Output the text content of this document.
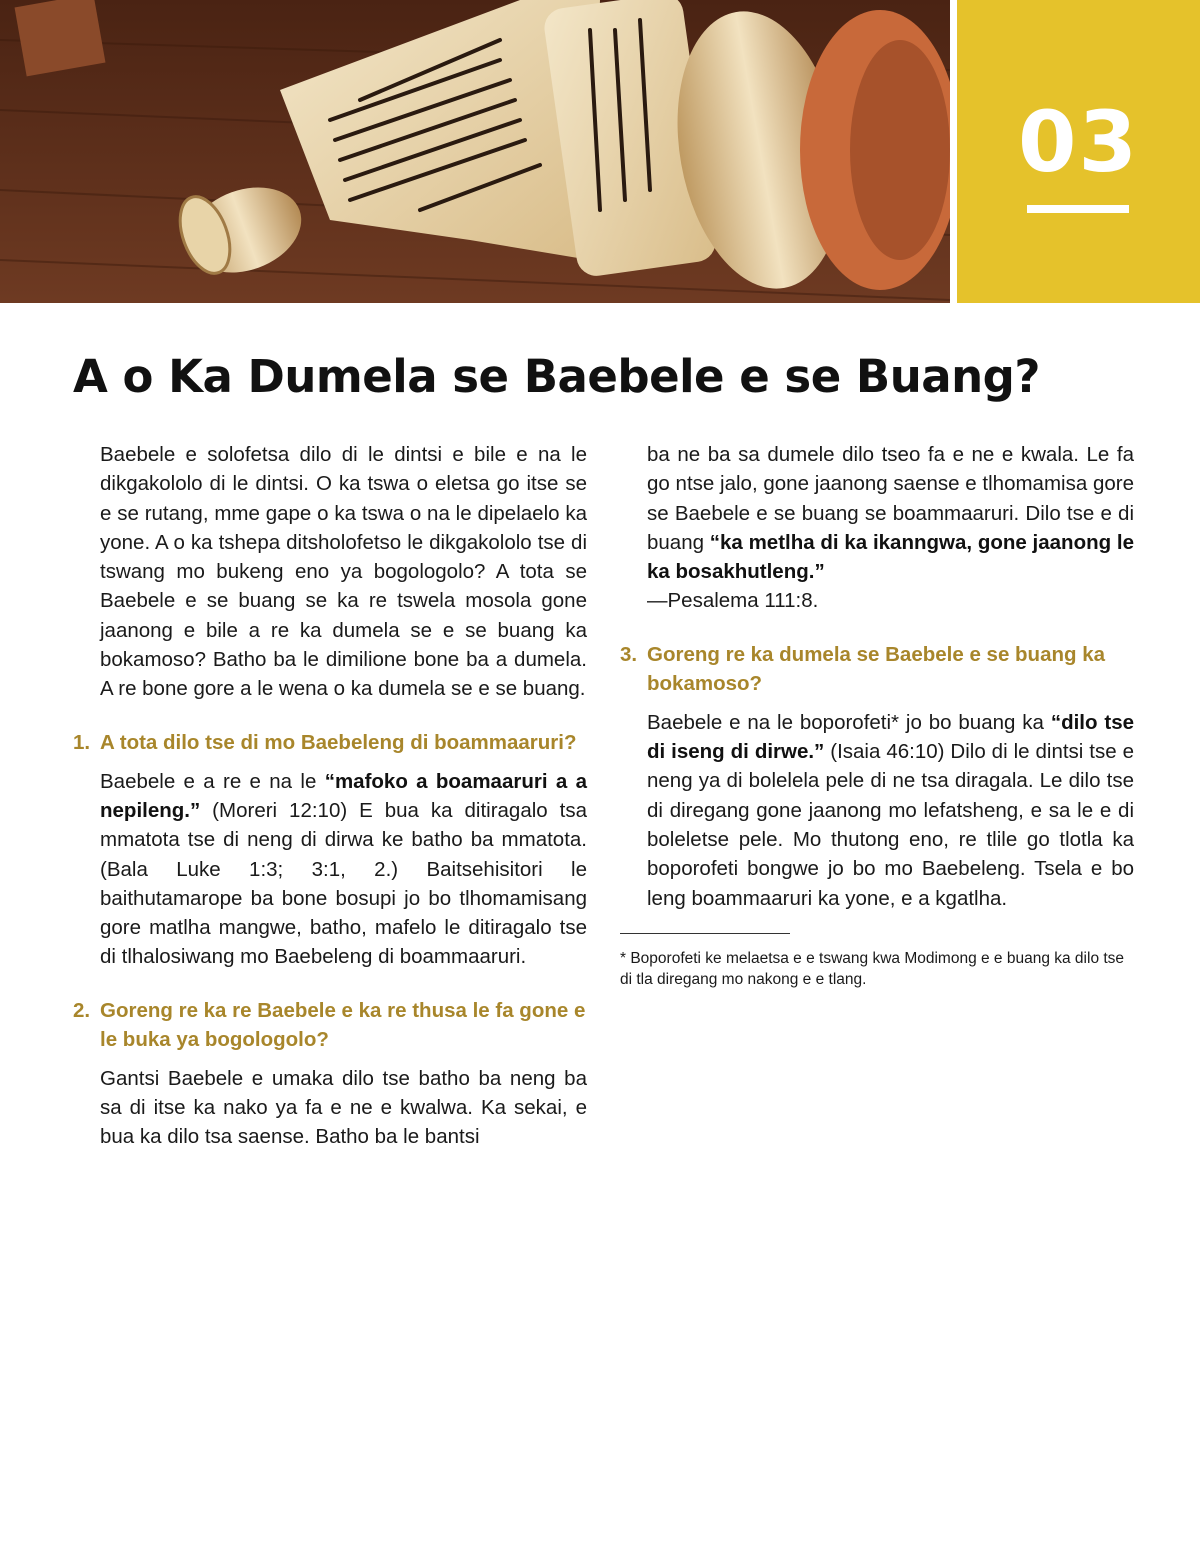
03
A o Ka Dumela se Baebele e se Buang?

Baebele e solofetsa dilo di le dintsi e bile e na le dikgakololo di le dintsi. O ka tswa o eletsa go itse se e se rutang, mme gape o ka tswa o na le dipelaelo ka yone. A o ka tshepa ditsholofetso le dikgakololo tse di tswang mo bukeng eno ya bogologolo? A tota se Baebele e se buang se ka re tswela mosola gone jaanong e bile a re ka dumela se e se buang ka bokamoso? Batho ba le dimilione bone ba a dumela. A re bone gore a le wena o ka dumela se e se buang.

1. A tota dilo tse di mo Baebeleng di boammaaruri?

Baebele e a re e na le “mafoko a boamaaruri a a nepileng.” (Moreri 12:10) E bua ka ditiragalo tsa mmatota tse di neng di dirwa ke batho ba mmatota. (Bala Luke 1:3; 3:1, 2.) Baitsehisitori le baithutamarope ba bone bosupi jo bo tlhomamisang gore matlha mangwe, batho, mafelo le ditiragalo tse di tlhalosiwang mo Baebeleng di boammaaruri.

2. Goreng re ka re Baebele e ka re thusa le fa gone e le buka ya bogologolo?

Gantsi Baebele e umaka dilo tse batho ba neng ba sa di itse ka nako ya fa e ne e kwalwa. Ka sekai, e bua ka dilo tsa saense. Batho ba le bantsi

ba ne ba sa dumele dilo tseo fa e ne e kwala. Le fa go ntse jalo, gone jaanong saense e tlhomamisa gore se Baebele e se buang se boammaaruri. Dilo tse e di buang “ka metlha di ka ikanngwa, gone jaanong le ka bosakhutleng.”
—Pesalema 111:8.

3. Goreng re ka dumela se Baebele e se buang ka bokamoso?

Baebele e na le boporofeti* jo bo buang ka “dilo tse di iseng di dirwe.” (Isaia 46:10) Dilo di le dintsi tse e neng ya di bolelela pele di ne tsa diragala. Le dilo tse di diregang gone jaanong mo lefatsheng, e sa le e di boleletse pele. Mo thutong eno, re tlile go tlotla ka boporofeti bongwe jo bo mo Baebeleng. Tsela e bo leng boammaaruri ka yone, e a kgatlha.

* Boporofeti ke melaetsa e e tswang kwa Modimong e e buang ka dilo tse di tla diregang mo nakong e e tlang.
